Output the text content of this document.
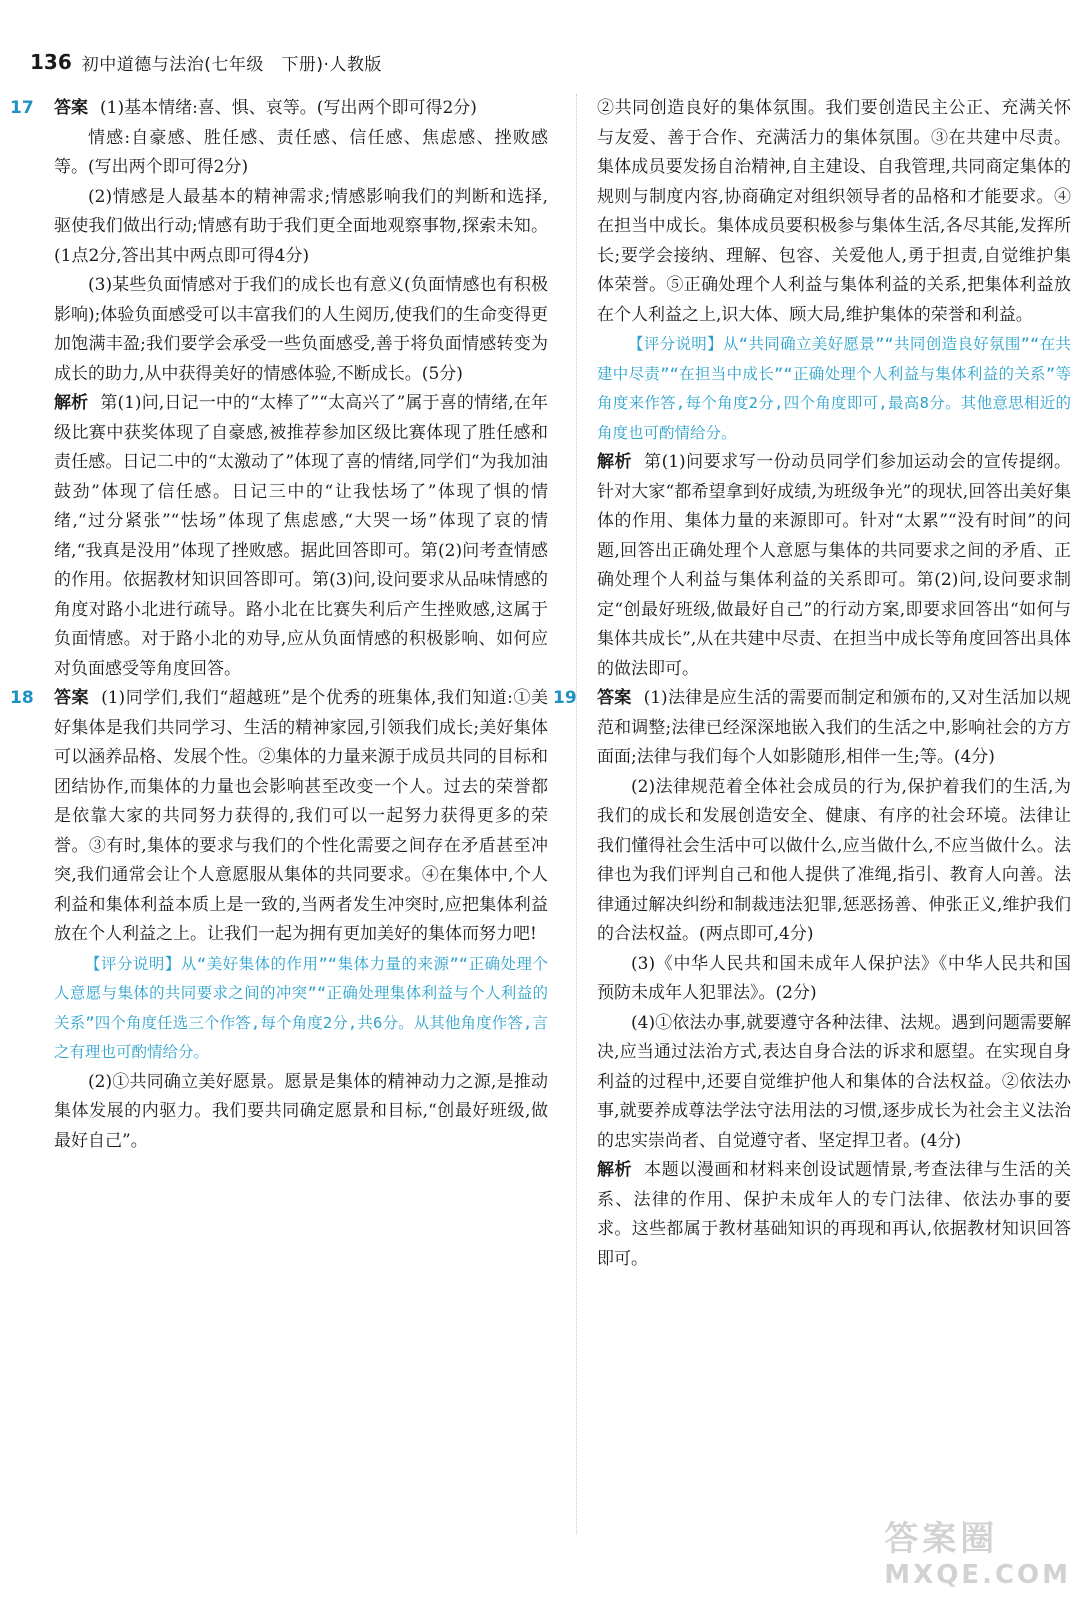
136 初中道德与法治(七年级　下册)·人教版
17 答案 (1)基本情绪:喜、惧、哀等。(写出两个即可得2分)

情感:自豪感、胜任感、责任感、信任感、焦虑感、挫败感等。(写出两个即可得2分)

(2)情感是人最基本的精神需求;情感影响我们的判断和选择,驱使我们做出行动;情感有助于我们更全面地观察事物,探索未知。(1点2分,答出其中两点即可得4分)

(3)某些负面情感对于我们的成长也有意义(负面情感也有积极影响);体验负面感受可以丰富我们的人生阅历,使我们的生命变得更加饱满丰盈;我们要学会承受一些负面感受,善于将负面情感转变为成长的助力,从中获得美好的情感体验,不断成长。(5分)

解析 第(1)问,日记一中的“太棒了”“太高兴了”属于喜的情绪,在年级比赛中获奖体现了自豪感,被推荐参加区级比赛体现了胜任感和责任感。日记二中的“太激动了”体现了喜的情绪,同学们“为我加油鼓劲”体现了信任感。日记三中的“让我怯场了”体现了惧的情绪,“过分紧张”“怯场”体现了焦虑感,“大哭一场”体现了哀的情绪,“我真是没用”体现了挫败感。据此回答即可。第(2)问考查情感的作用。依据教材知识回答即可。第(3)问,设问要求从品味情感的角度对路小北进行疏导。路小北在比赛失利后产生挫败感,这属于负面情感。对于路小北的劝导,应从负面情感的积极影响、如何应对负面感受等角度回答。

18 答案 (1)同学们,我们“超越班”是个优秀的班集体,我们知道:①美好集体是我们共同学习、生活的精神家园,引领我们成长;美好集体可以涵养品格、发展个性。②集体的力量来源于成员共同的目标和团结协作,而集体的力量也会影响甚至改变一个人。过去的荣誉都是依靠大家的共同努力获得的,我们可以一起努力获得更多的荣誉。③有时,集体的要求与我们的个性化需要之间存在矛盾甚至冲突,我们通常会让个人意愿服从集体的共同要求。④在集体中,个人利益和集体利益本质上是一致的,当两者发生冲突时,应把集体利益放在个人利益之上。让我们一起为拥有更加美好的集体而努力吧!

【评分说明】从“美好集体的作用”“集体力量的来源”“正确处理个人意愿与集体的共同要求之间的冲突”“正确处理集体利益与个人利益的关系”四个角度任选三个作答,每个角度2分,共6分。从其他角度作答,言之有理也可酌情给分。

(2)①共同确立美好愿景。愿景是集体的精神动力之源,是推动集体发展的内驱力。我们要共同确定愿景和目标,“创最好班级,做最好自己”。

②共同创造良好的集体氛围。我们要创造民主公正、充满关怀与友爱、善于合作、充满活力的集体氛围。③在共建中尽责。集体成员要发扬自治精神,自主建设、自我管理,共同商定集体的规则与制度内容,协商确定对组织领导者的品格和才能要求。④在担当中成长。集体成员要积极参与集体生活,各尽其能,发挥所长;要学会接纳、理解、包容、关爱他人,勇于担责,自觉维护集体荣誉。⑤正确处理个人利益与集体利益的关系,把集体利益放在个人利益之上,识大体、顾大局,维护集体的荣誉和利益。

【评分说明】从“共同确立美好愿景”“共同创造良好氛围”“在共建中尽责”“在担当中成长”“正确处理个人利益与集体利益的关系”等角度来作答,每个角度2分,四个角度即可,最高8分。其他意思相近的角度也可酌情给分。

解析 第(1)问要求写一份动员同学们参加运动会的宣传提纲。针对大家“都希望拿到好成绩,为班级争光”的现状,回答出美好集体的作用、集体力量的来源即可。针对“太累”“没有时间”的问题,回答出正确处理个人意愿与集体的共同要求之间的矛盾、正确处理个人利益与集体利益的关系即可。第(2)问,设问要求制定“创最好班级,做最好自己”的行动方案,即要求回答出“如何与集体共成长”,从在共建中尽责、在担当中成长等角度回答出具体的做法即可。

19 答案 (1)法律是应生活的需要而制定和颁布的,又对生活加以规范和调整;法律已经深深地嵌入我们的生活之中,影响社会的方方面面;法律与我们每个人如影随形,相伴一生;等。(4分)

(2)法律规范着全体社会成员的行为,保护着我们的生活,为我们的成长和发展创造安全、健康、有序的社会环境。法律让我们懂得社会生活中可以做什么,应当做什么,不应当做什么。法律也为我们评判自己和他人提供了准绳,指引、教育人向善。法律通过解决纠纷和制裁违法犯罪,惩恶扬善、伸张正义,维护我们的合法权益。(两点即可,4分)

(3)《中华人民共和国未成年人保护法》《中华人民共和国预防未成年人犯罪法》。(2分)

(4)①依法办事,就要遵守各种法律、法规。遇到问题需要解决,应当通过法治方式,表达自身合法的诉求和愿望。在实现自身利益的过程中,还要自觉维护他人和集体的合法权益。②依法办事,就要养成尊法学法守法用法的习惯,逐步成长为社会主义法治的忠实崇尚者、自觉遵守者、坚定捍卫者。(4分)

解析 本题以漫画和材料来创设试题情景,考查法律与生活的关系、法律的作用、保护未成年人的专门法律、依法办事的要求。这些都属于教材基础知识的再现和再认,依据教材知识回答即可。

答案圈
MXQE.COM
